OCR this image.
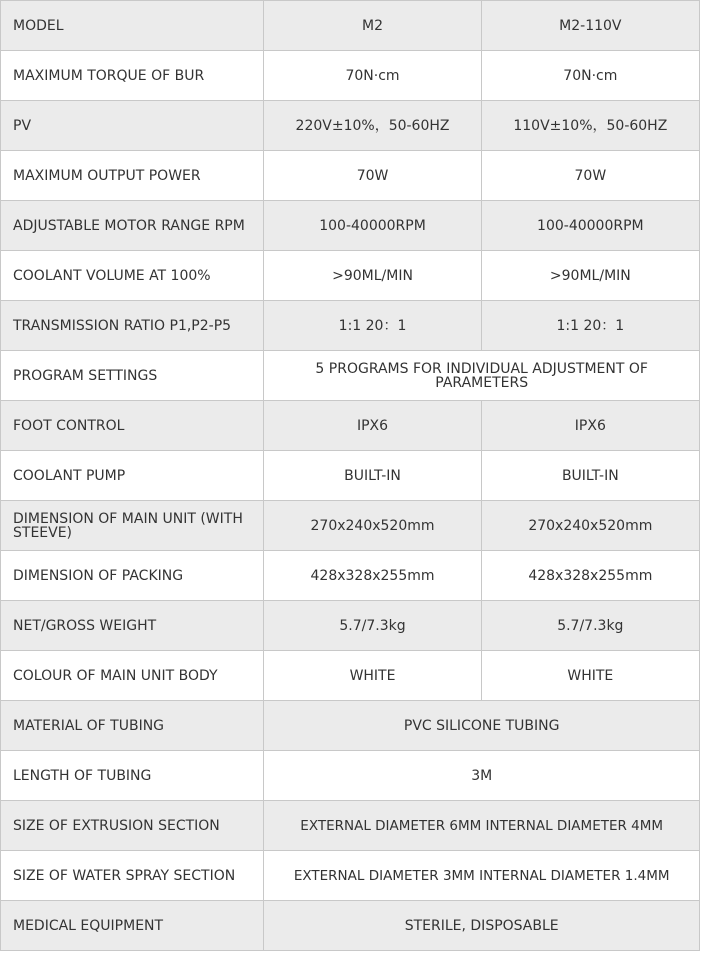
MODEL	M2	M2-110V
MAXIMUM TORQUE OF BUR	70N·cm	70N·cm
PV	220V±10%，50-60HZ	110V±10%，50-60HZ
MAXIMUM OUTPUT POWER	70W	70W
ADJUSTABLE MOTOR RANGE RPM	100-40000RPM	100-40000RPM
COOLANT VOLUME AT 100%	>90ML/MIN	>90ML/MIN
TRANSMISSION RATIO P1,P2-P5	1:1 20：1	1:1 20：1
PROGRAM SETTINGS	5 PROGRAMS FOR INDIVIDUAL ADJUSTMENT OF PARAMETERS	
FOOT CONTROL	IPX6	IPX6
COOLANT PUMP	BUILT-IN	BUILT-IN
DIMENSION OF MAIN UNIT (WITH STEEVE)	270x240x520mm	270x240x520mm
DIMENSION OF PACKING	428x328x255mm	428x328x255mm
NET/GROSS WEIGHT	5.7/7.3kg	5.7/7.3kg
COLOUR OF MAIN UNIT BODY	WHITE	WHITE
MATERIAL OF TUBING	PVC SILICONE TUBING	
LENGTH OF TUBING	3M	
SIZE OF EXTRUSION SECTION	EXTERNAL DIAMETER 6MM INTERNAL DIAMETER 4MM	
SIZE OF WATER SPRAY SECTION	EXTERNAL DIAMETER 3MM INTERNAL DIAMETER 1.4MM	
MEDICAL EQUIPMENT	STERILE, DISPOSABLE	
